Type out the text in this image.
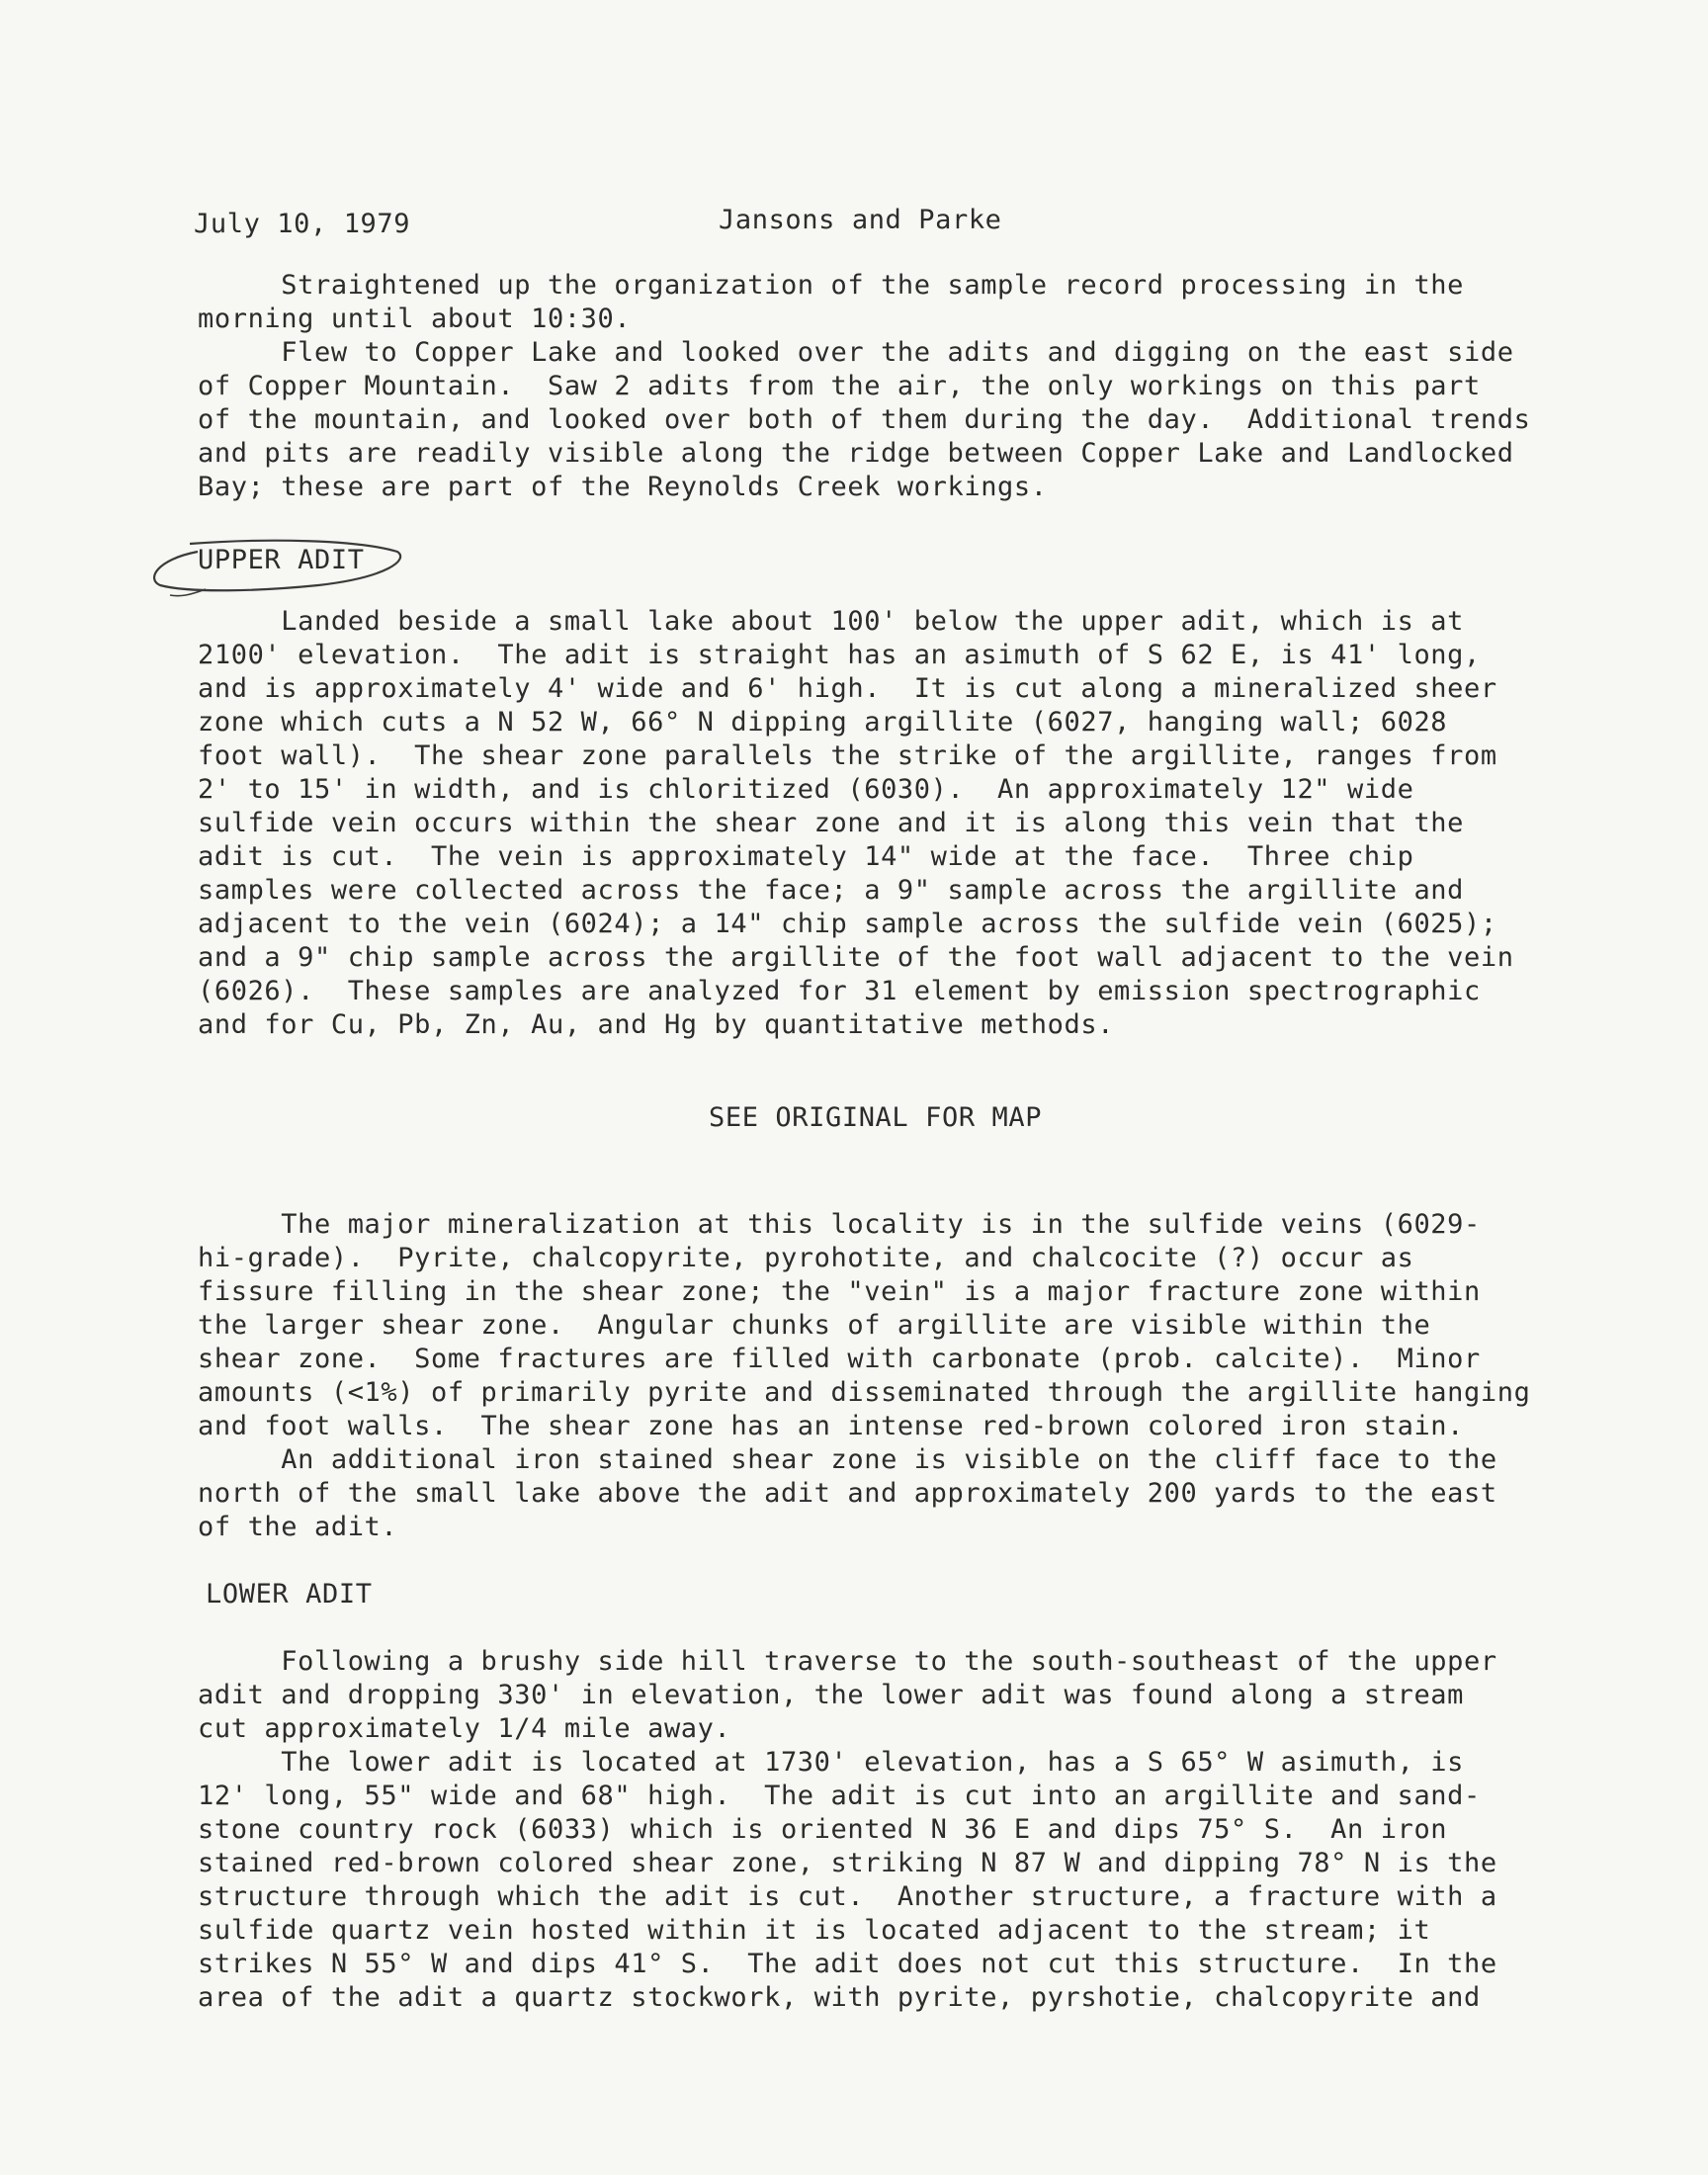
July 10, 1979	Jansons and Parke
Straightened up the organization of the sample record processing in the
morning until about 10:30.
Flew to Copper Lake and looked over the adits and digging on the east side
of Copper Mountain.  Saw 2 adits from the air, the only workings on this part
of the mountain, and looked over both of them during the day.  Additional trends
and pits are readily visible along the ridge between Copper Lake and Landlocked
Bay; these are part of the Reynolds Creek workings.
Landed beside a small lake about 100' below the upper adit, which is at
2100' elevation.  The adit is straight has an asimuth of S 62 E, is 41' long,
and is approximately 4' wide and 6' high.  It is cut along a mineralized sheer
zone which cuts a N 52 W, 66° N dipping argillite (6027, hanging wall; 6028
foot wall).  The shear zone parallels the strike of the argillite, ranges from
2' to 15' in width, and is chloritized (6030).  An approximately 12" wide
sulfide vein occurs within the shear zone and it is along this vein that the
adit is cut.  The vein is approximately 14" wide at the face.  Three chip
samples were collected across the face; a 9" sample across the argillite and
adjacent to the vein (6024); a 14" chip sample across the sulfide vein (6025);
and a 9" chip sample across the argillite of the foot wall adjacent to the vein
(6026).  These samples are analyzed for 31 element by emission spectrographic
and for Cu, Pb, Zn, Au, and Hg by quantitative methods.
The major mineralization at this locality is in the sulfide veins (6029-
hi-grade).  Pyrite, chalcopyrite, pyrohotite, and chalcocite (?) occur as
fissure filling in the shear zone; the "vein" is a major fracture zone within
the larger shear zone.  Angular chunks of argillite are visible within the
shear zone.  Some fractures are filled with carbonate (prob. calcite).  Minor
amounts (<1%) of primarily pyrite and disseminated through the argillite hanging
and foot walls.  The shear zone has an intense red-brown colored iron stain.
An additional iron stained shear zone is visible on the cliff face to the
north of the small lake above the adit and approximately 200 yards to the east
of the adit.
Following a brushy side hill traverse to the south-southeast of the upper
adit and dropping 330' in elevation, the lower adit was found along a stream
cut approximately 1/4 mile away.
The lower adit is located at 1730' elevation, has a S 65° W asimuth, is
12' long, 55" wide and 68" high.  The adit is cut into an argillite and sand-
stone country rock (6033) which is oriented N 36 E and dips 75° S.  An iron
stained red-brown colored shear zone, striking N 87 W and dipping 78° N is the
structure through which the adit is cut.  Another structure, a fracture with a
sulfide quartz vein hosted within it is located adjacent to the stream; it
strikes N 55° W and dips 41° S.  The adit does not cut this structure.  In the
area of the adit a quartz stockwork, with pyrite, pyrshotie, chalcopyrite and
UPPER ADIT
SEE ORIGINAL FOR MAP
LOWER ADIT
